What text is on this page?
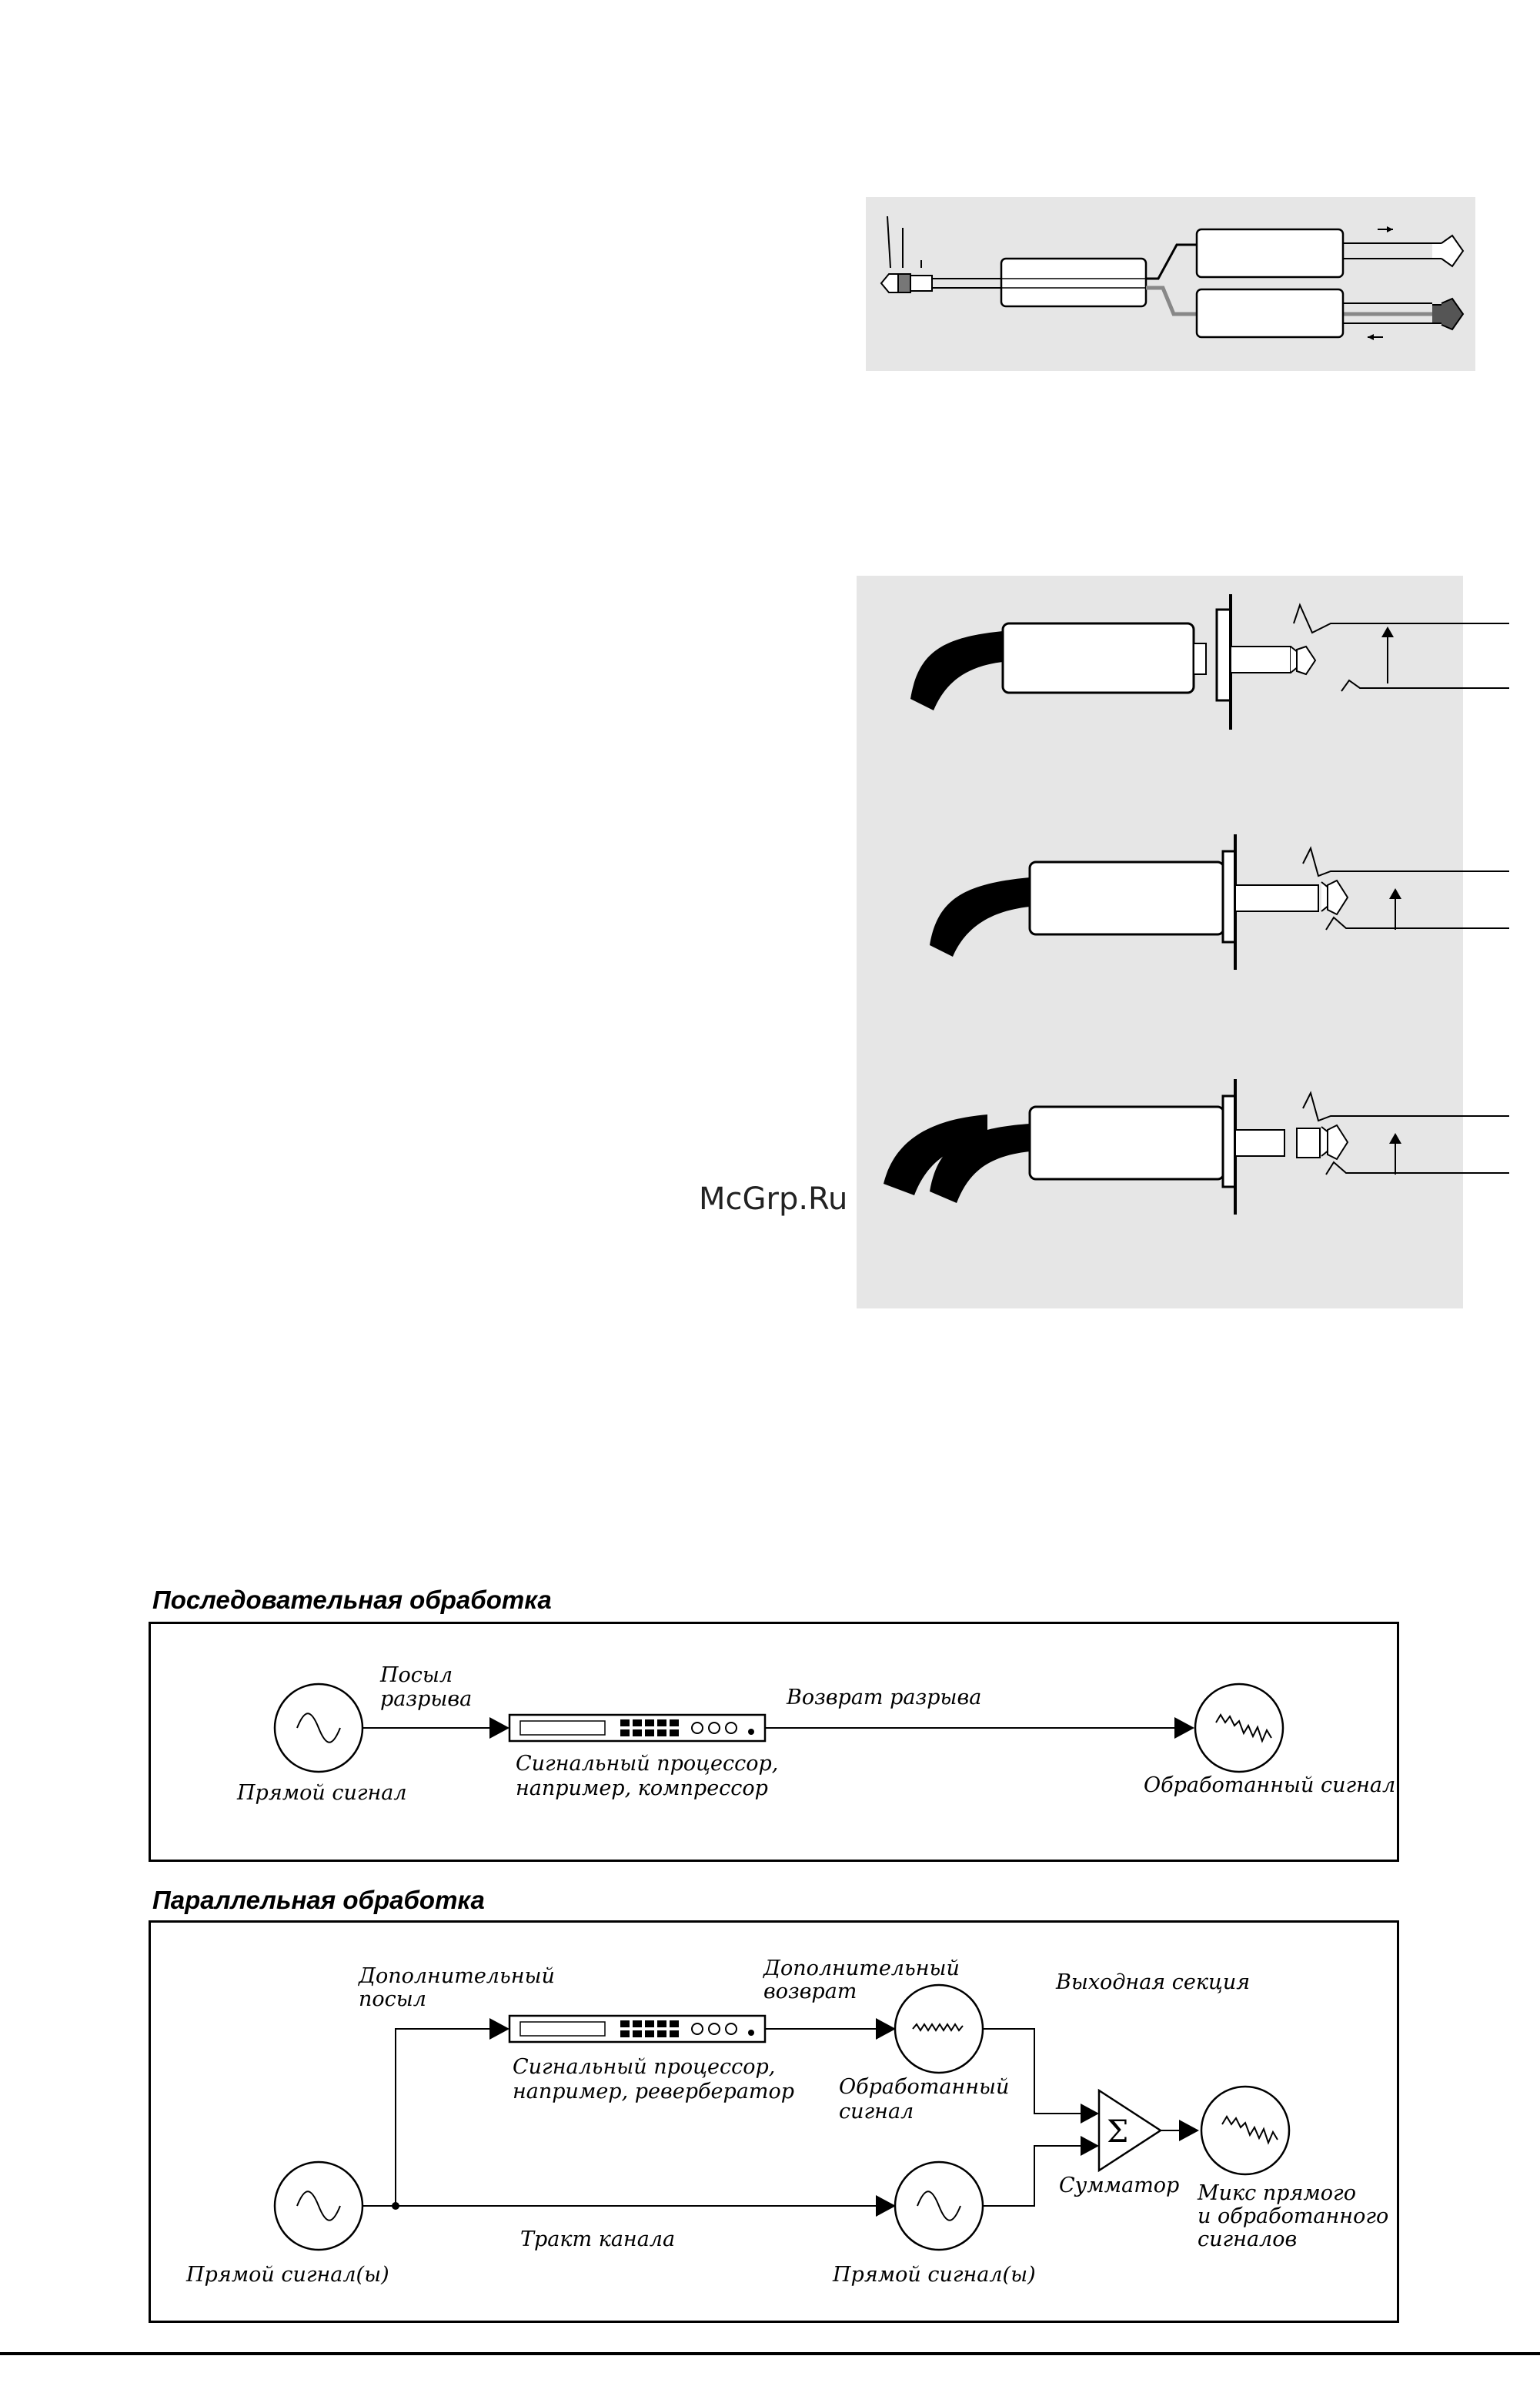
McGrp.Ru
Последовательная обработка
Посыл
разрыва	Возврат разрыва
Сигнальный процессор,
например, компрессор
Прямой сигнал	Обработанный сигнал
Параллельная обработка
Σ
Дополнительный
посыл
Дополнительный
возврат	Выходная секция
Сигнальный процессор,
например, ревербератор Обработанный
сигнал
Сумматор Микс прямого
и обработанного
сигналов
Тракт канала
Прямой сигнал(ы)	Прямой сигнал(ы)
